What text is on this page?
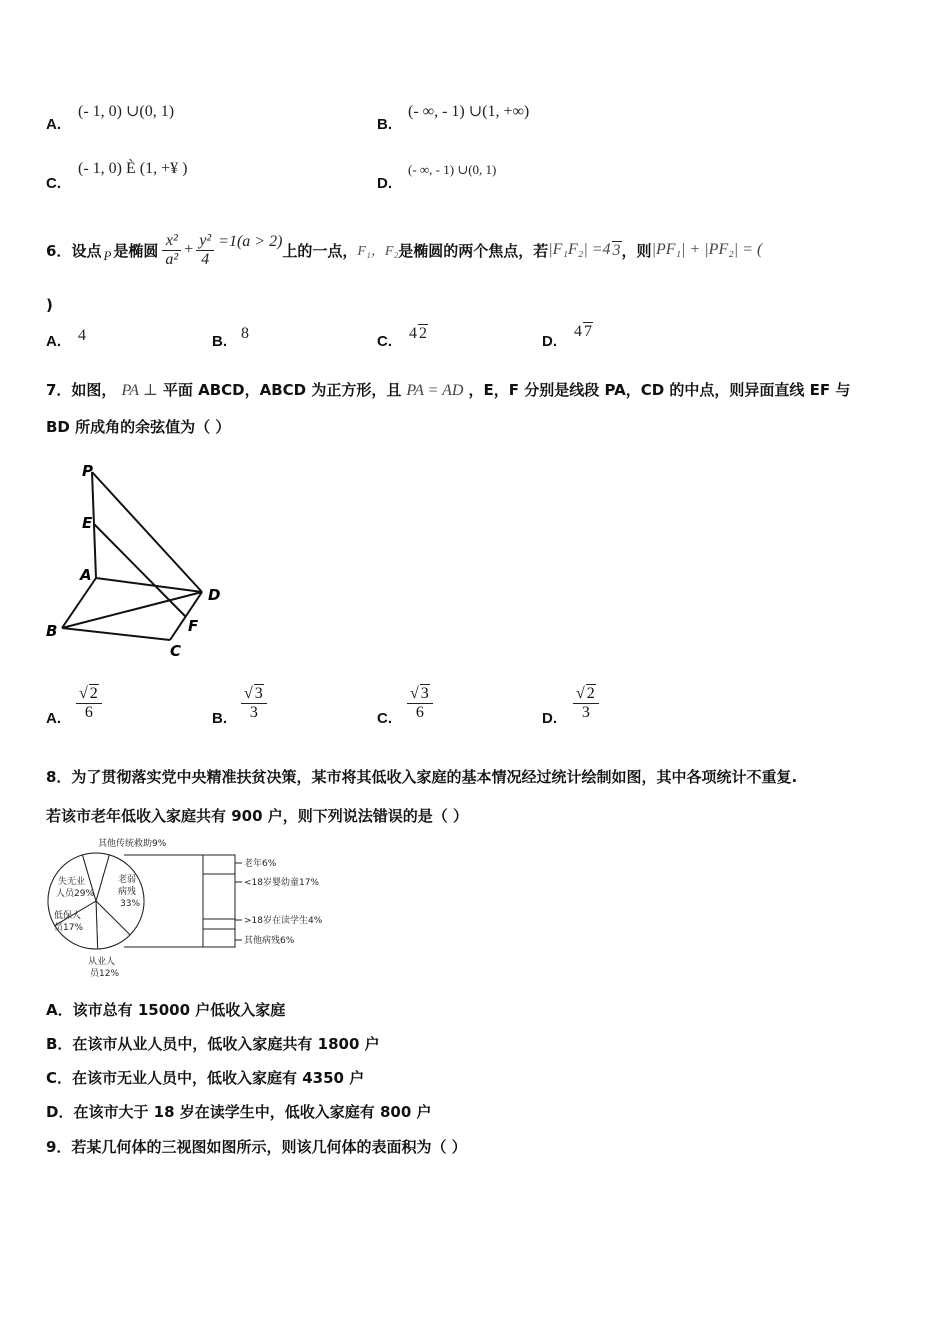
A.
(- 1, 0) ∪(0, 1)
B.
(- ∞, - 1) ∪(1, +∞)
C.
(- 1, 0) È (1, +¥ )
D.
(- ∞, - 1) ∪(0, 1)
6． 设点 P 是椭圆 $\frac{\text{x²}}{\text{a²}} + \frac{\text{y²}}{4} =1(a > 2)$ 上的一点， F₁，F₂ 是椭圆的两个焦点，若 |F₁F₂| =4 3 ，则 |PF₁| + |PF₂| = (
)
A. 4	B. 8	C. 4 2	D.
4 7
7．如图， PA ⊥ 平面 ABCD，ABCD 为正方形，且 PA = AD ，E，F 分别是线段 PA，CD 的中点，则异面直线 EF 与
BD 所成角的余弦值为（ ）
P
E
A
B
C
D
F
A. $\frac{√ 2}{6}$	B. $\frac{√ 3}{3}$	C. $\frac{√ 3}{6}$	D. $\frac{√ 2}{3}$
8．为了贯彻落实党中央精准扶贫决策，某市将其低收入家庭的基本情况经过统计绘制如图，其中各项统计不重复.
若该市老年低收入家庭共有 900 户，则下列说法错误的是（ ）
其他传统救助9%
失无业
人员29%
老弱
病残
33%
低保人
员17%
从业人
员12%
老年6%
<18岁婴幼童17%
>18岁在读学生4%
其他病残6%
A．该市总有 15000 户低收入家庭
B．在该市从业人员中，低收入家庭共有 1800 户
C．在该市无业人员中，低收入家庭有 4350 户
D．在该市大于 18 岁在读学生中，低收入家庭有 800 户
9．若某几何体的三视图如图所示，则该几何体的表面积为（ ）
